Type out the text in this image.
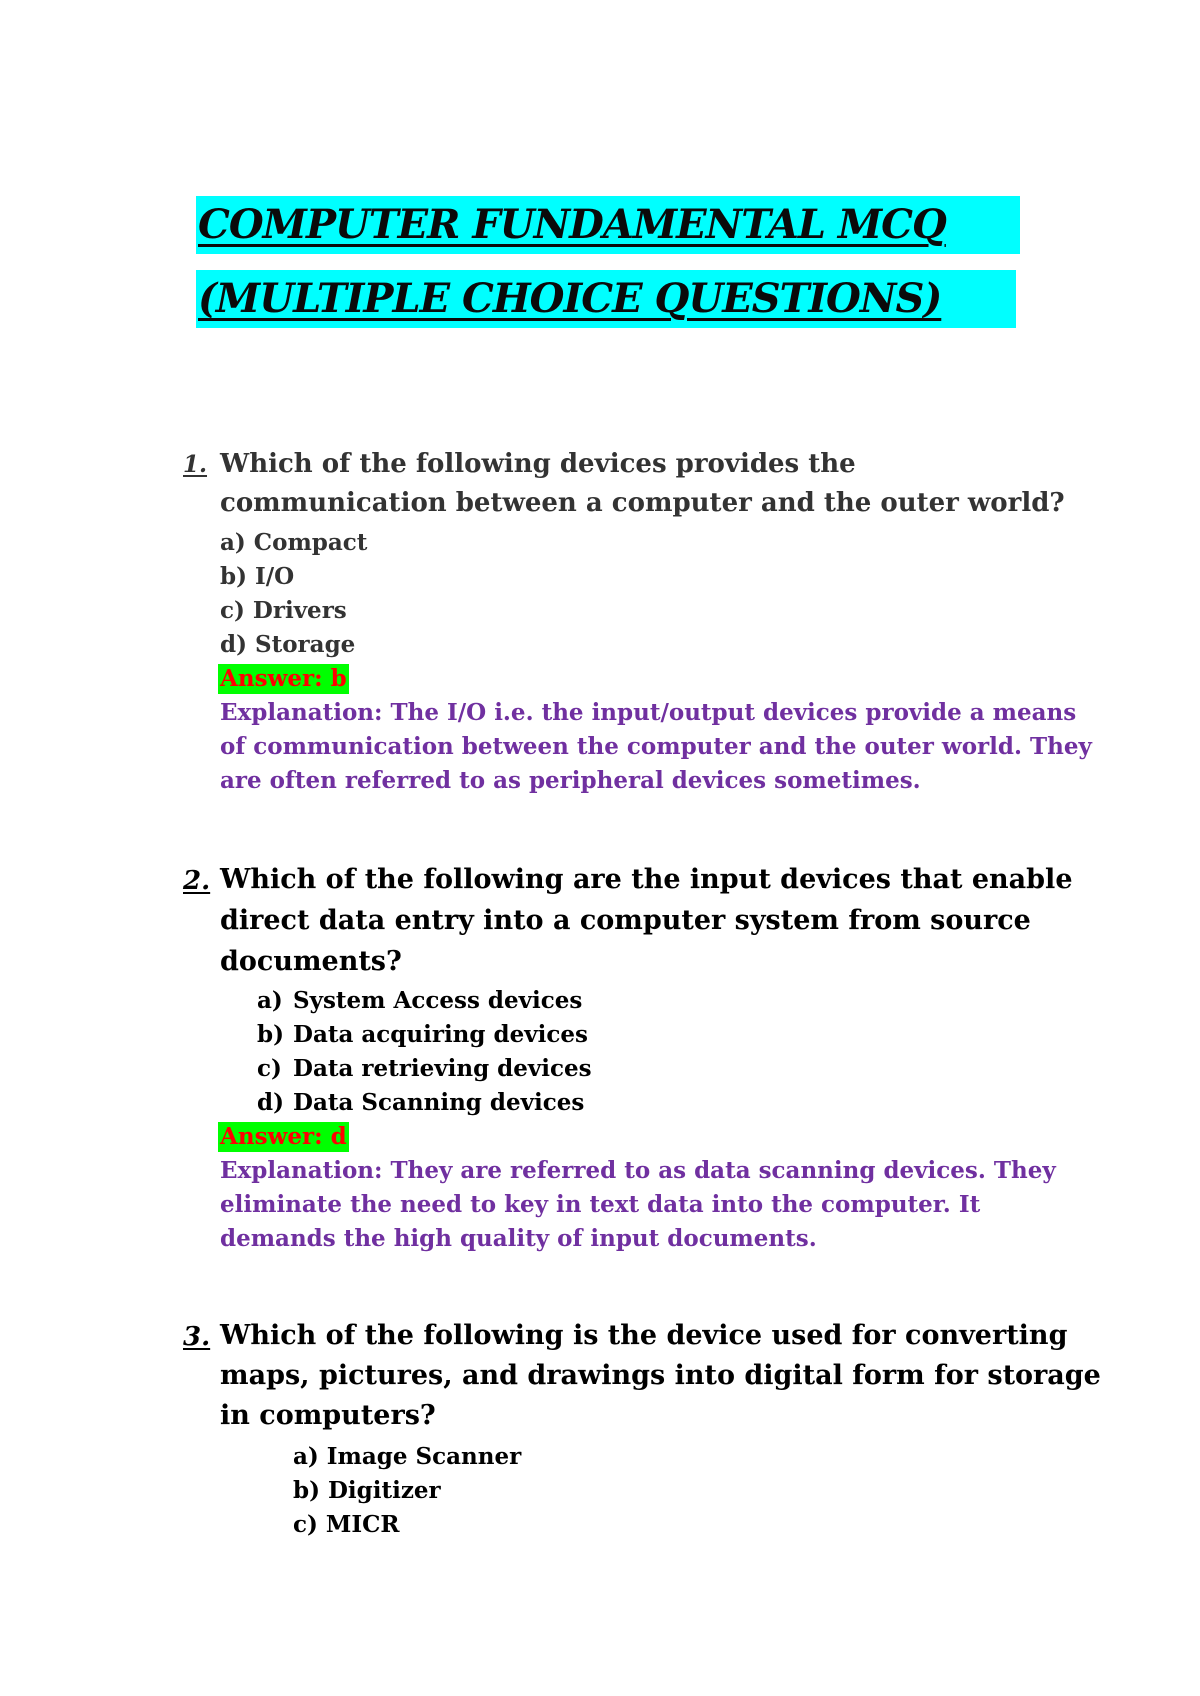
COMPUTER FUNDAMENTAL MCQ
(MULTIPLE CHOICE QUESTIONS)
1. Which of the following devices provides the
communication between a computer and the outer world?
a) Compact
b) I/O
c) Drivers
d) Storage
Answer: b
Explanation: The I/O i.e. the input/output devices provide a means
of communication between the computer and the outer world. They
are often referred to as peripheral devices sometimes.
2. Which of the following are the input devices that enable
direct data entry into a computer system from source
documents?
a) System Access devices
b) Data acquiring devices
c) Data retrieving devices
d) Data Scanning devices
Answer: d
Explanation: They are referred to as data scanning devices. They
eliminate the need to key in text data into the computer. It
demands the high quality of input documents.
3. Which of the following is the device used for converting
maps, pictures, and drawings into digital form for storage
in computers?
a) Image Scanner
b) Digitizer
c) MICR
